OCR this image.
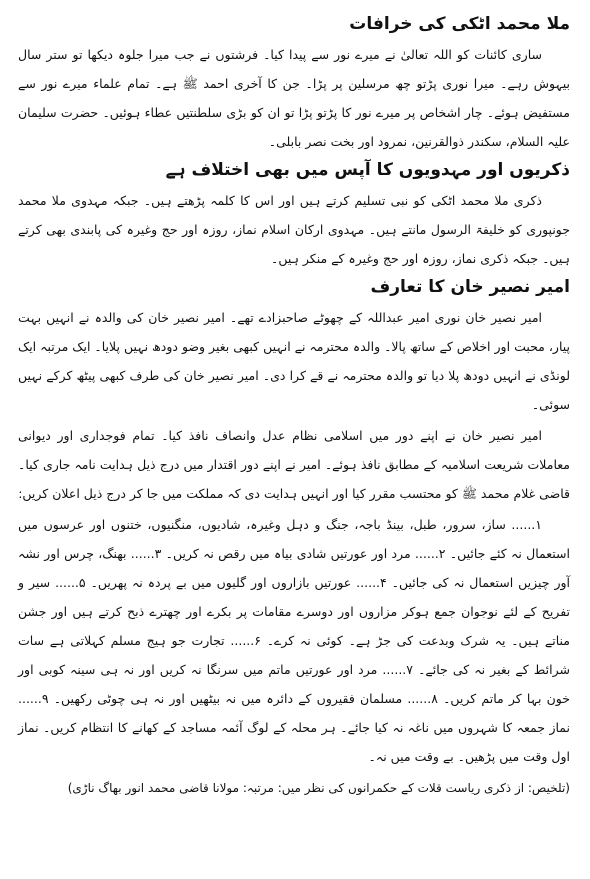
ملا محمد اٹکی کی خرافات

ساری کائنات کو اللہ تعالیٰ نے میرے نور سے پیدا کیا۔ فرشتوں نے جب میرا جلوہ دیکھا تو ستر سال بیہوش رہے۔ میرا نوری پڑتو چھ مرسلین پر پڑا۔ جن کا آخری احمد ﷺ ہے۔ تمام علماء میرے نور سے مستفیض ہوئے۔ چار اشخاص پر میرے نور کا پڑتو پڑا تو ان کو بڑی سلطنتیں عطاء ہوئیں۔ حضرت سلیمان علیہ السلام، سکندر ذوالقرنین، نمرود اور بخت نصر بابلی۔

ذکریوں اور مہدویوں کا آپس میں بھی اختلاف ہے

ذکری ملا محمد اٹکی کو نبی تسلیم کرتے ہیں اور اس کا کلمہ پڑھتے ہیں۔ جبکہ مہدوی ملا محمد جونپوری کو خلیفۃ الرسول مانتے ہیں۔ مہدوی ارکان اسلام نماز، روزہ اور حج وغیرہ کی پابندی بھی کرتے ہیں۔ جبکہ ذکری نماز، روزہ اور حج وغیرہ کے منکر ہیں۔

امیر نصیر خان کا تعارف

امیر نصیر خان نوری امیر عبداللہ کے چھوٹے صاحبزادے تھے۔ امیر نصیر خان کی والدہ نے انہیں بہت پیار، محبت اور اخلاص کے ساتھ پالا۔ والدہ محترمہ نے انہیں کبھی بغیر وضو دودھ نہیں پلایا۔ ایک مرتبہ ایک لونڈی نے انہیں دودھ پلا دیا تو والدہ محترمہ نے قے کرا دی۔ امیر نصیر خان کی طرف کبھی پیٹھ کرکے نہیں سوئی۔

امیر نصیر خان نے اپنے دور میں اسلامی نظام عدل وانصاف نافذ کیا۔ تمام فوجداری اور دیوانی معاملات شریعت اسلامیہ کے مطابق نافذ ہوئے۔ امیر نے اپنے دور اقتدار میں درج ذیل ہدایت نامہ جاری کیا۔ قاضی غلام محمد ﷺ کو محتسب مقرر کیا اور انہیں ہدایت دی کہ مملکت میں جا کر درج ذیل اعلان کریں:

۱...... ساز، سرور، طبل، بینڈ باجہ، جنگ و دہل وغیرہ، شادیوں، منگنیوں، ختنوں اور عرسوں میں استعمال نہ کئے جائیں۔ ۲...... مرد اور عورتیں شادی بیاہ میں رقص نہ کریں۔ ۳...... بھنگ، چرس اور نشہ آور چیزیں استعمال نہ کی جائیں۔ ۴...... عورتیں بازاروں اور گلیوں میں بے پردہ نہ پھریں۔ ۵...... سیر و تفریح کے لئے نوجوان جمع ہوکر مزاروں اور دوسرے مقامات پر بکرے اور چھترے ذبح کرتے ہیں اور جشن مناتے ہیں۔ یہ شرک وبدعت کی جڑ ہے۔ کوئی نہ کرے۔ ۶...... تجارت جو ہیج مسلم کہلاتی ہے سات شرائط کے بغیر نہ کی جائے۔ ۷...... مرد اور عورتیں ماتم میں سرنگا نہ کریں اور نہ ہی سینہ کوبی اور خون بہا کر ماتم کریں۔ ۸...... مسلمان فقیروں کے دائرہ میں نہ بیٹھیں اور نہ ہی چوٹی رکھیں۔ ۹...... نماز جمعہ کا شہروں میں ناغہ نہ کیا جائے۔ ہر محلہ کے لوگ آئمہ مساجد کے کھانے کا انتظام کریں۔ نماز اول وقت میں پڑھیں۔ بے وقت میں نہ۔

(تلخیص: از ذکری ریاست قلات کے حکمرانوں کی نظر میں: مرتبہ: مولانا قاضی محمد انور بھاگ ناڑی)
